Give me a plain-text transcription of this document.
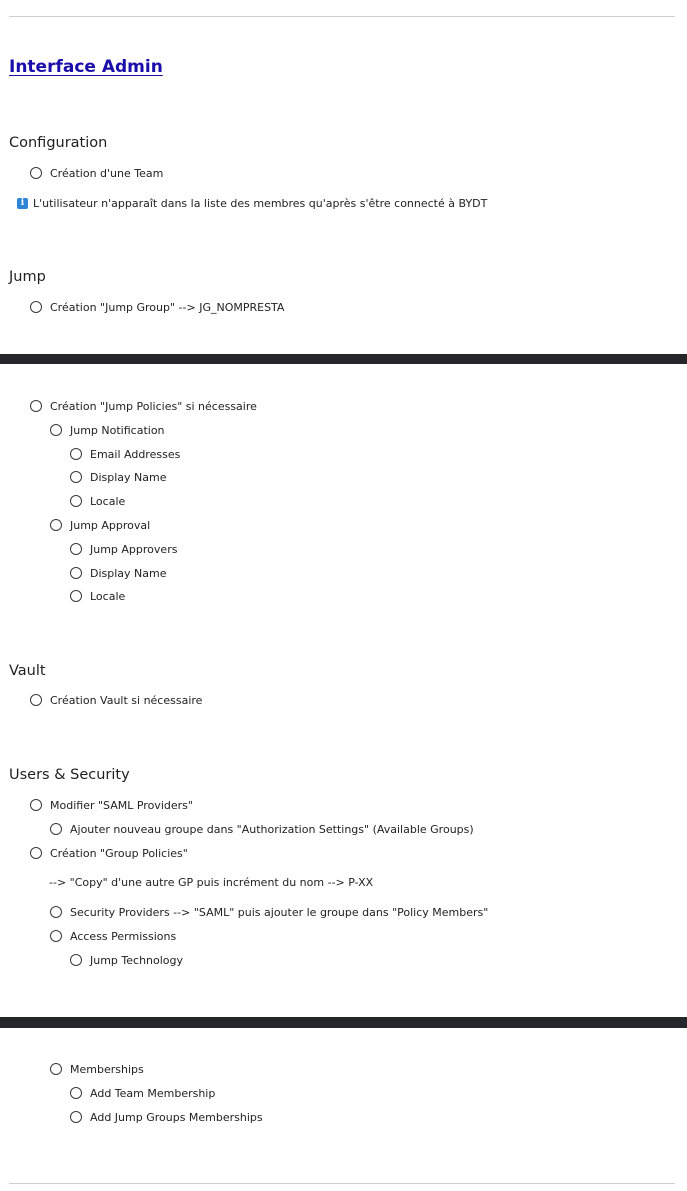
Interface Admin
Configuration
Création d'une Team
i L'utilisateur n'apparaît dans la liste des membres qu'après s'être connecté à BYDT
Jump
Création "Jump Group" --> JG_NOMPRESTA
Création "Jump Policies" si nécessaire
Jump Notification
Email Addresses
Display Name
Locale
Jump Approval
Jump Approvers
Display Name
Locale
Vault
Création Vault si nécessaire
Users & Security
Modifier "SAML Providers"
Ajouter nouveau groupe dans "Authorization Settings" (Available Groups)
Création "Group Policies"
--> "Copy" d'une autre GP puis incrément du nom --> P-XX
Security Providers --> "SAML" puis ajouter le groupe dans "Policy Members"
Access Permissions
Jump Technology
Memberships
Add Team Membership
Add Jump Groups Memberships
